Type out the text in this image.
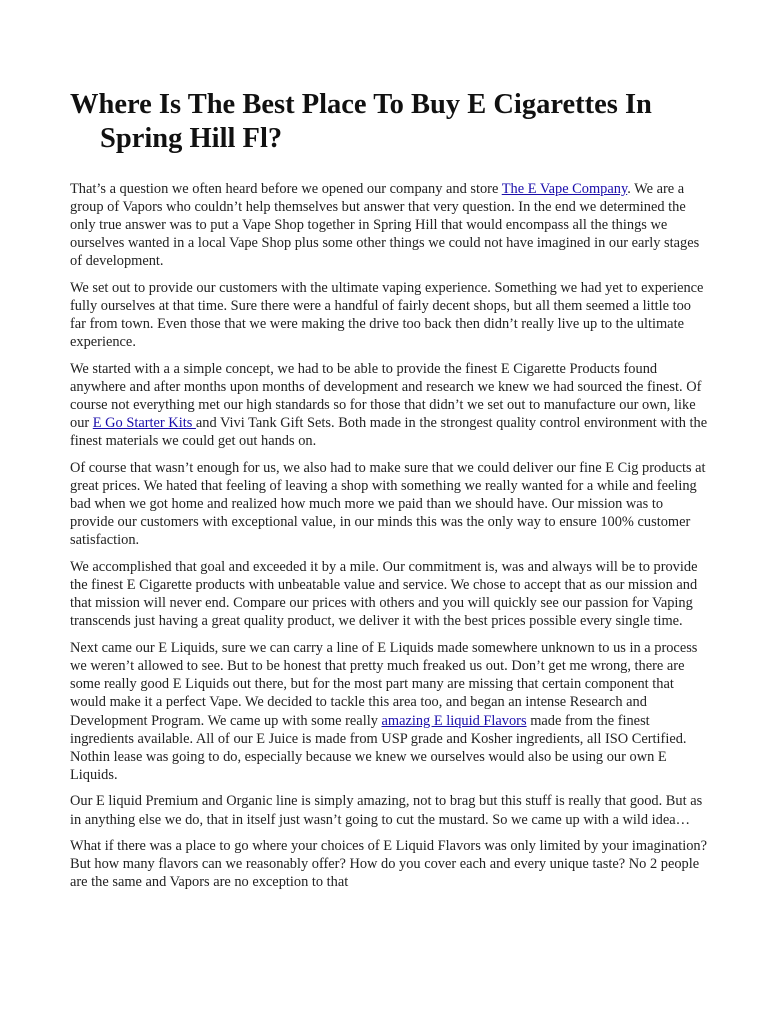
Where Is The Best Place To Buy E Cigarettes In Spring Hill Fl?

That’s a question we often heard before we opened our company and store The E Vape Company. We are a group of Vapors who couldn’t help themselves but answer that very question. In the end we determined the only true answer was to put a Vape Shop together in Spring Hill that would encompass all the things we ourselves wanted in a local Vape Shop plus some other things we could not have imagined in our early stages of development.

We set out to provide our customers with the ultimate vaping experience. Something we had yet to experience fully ourselves at that time. Sure there were a handful of fairly decent shops, but all them seemed a little too far from town. Even those that we were making the drive too back then didn’t really live up to the ultimate experience.

We started with a a simple concept, we had to be able to provide the finest E Cigarette Products found anywhere and after months upon months of development and research we knew we had sourced the finest. Of course not everything met our high standards so for those that didn’t we set out to manufacture our own, like our E Go Starter Kits and Vivi Tank Gift Sets. Both made in the strongest quality control environment with the finest materials we could get out hands on.

Of course that wasn’t enough for us, we also had to make sure that we could deliver our fine E Cig products at great prices. We hated that feeling of leaving a shop with something we really wanted for a while and feeling bad when we got home and realized how much more we paid than we should have. Our mission was to provide our customers with exceptional value, in our minds this was the only way to ensure 100% customer satisfaction.

We accomplished that goal and exceeded it by a mile. Our commitment is, was and always will be to provide the finest E Cigarette products with unbeatable value and service. We chose to accept that as our mission and that mission will never end. Compare our prices with others and you will quickly see our passion for Vaping transcends just having a great quality product, we deliver it with the best prices possible every single time.

Next came our E Liquids, sure we can carry a line of E Liquids made somewhere unknown to us in a process we weren’t allowed to see. But to be honest that pretty much freaked us out. Don’t get me wrong, there are some really good E Liquids out there, but for the most part many are missing that certain component that would make it a perfect Vape. We decided to tackle this area too, and began an intense Research and Development Program. We came up with some really amazing E liquid Flavors made from the finest ingredients available. All of our E Juice is made from USP grade and Kosher ingredients, all ISO Certified. Nothin lease was going to do, especially because we knew we ourselves would also be using our own E Liquids.

Our E liquid Premium and Organic line is simply amazing, not to brag but this stuff is really that good. But as in anything else we do, that in itself just wasn’t going to cut the mustard. So we came up with a wild idea…

What if there was a place to go where your choices of E Liquid Flavors was only limited by your imagination? But how many flavors can we reasonably offer? How do you cover each and every unique taste? No 2 people are the same and Vapors are no exception to that
